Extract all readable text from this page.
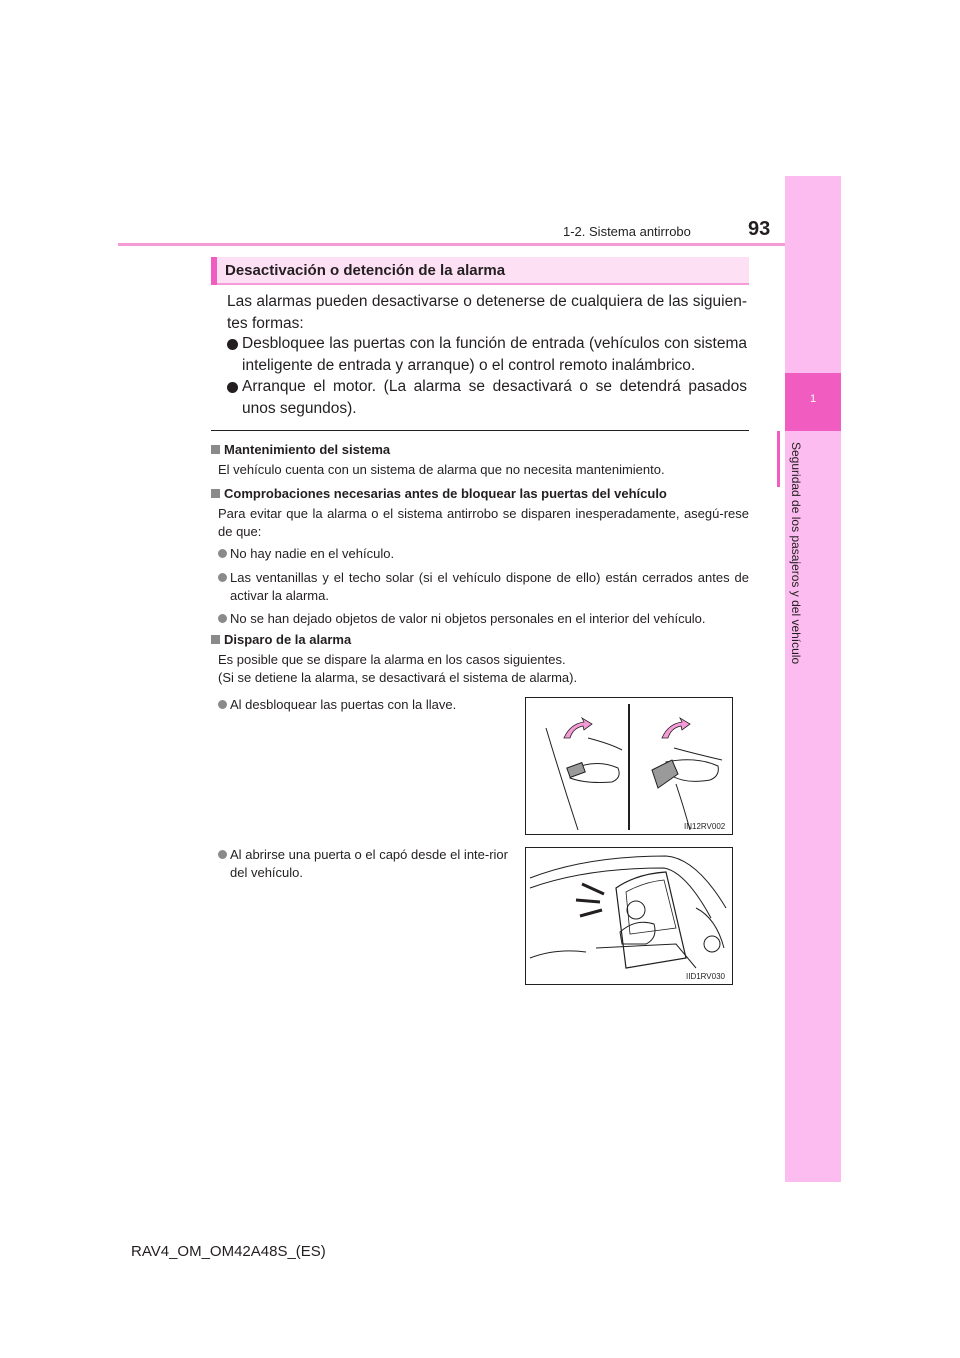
1-2. Sistema antirrobo	93
1
Seguridad de los pasajeros y del vehículo
Desactivación o detención de la alarma
Las alarmas pueden desactivarse o detenerse de cualquiera de las siguien-tes formas:
Desbloquee las puertas con la función de entrada (vehículos con sistema inteligente de entrada y arranque) o el control remoto inalámbrico.
Arranque el motor. (La alarma se desactivará o se detendrá pasados unos segundos).
Mantenimiento del sistema
El vehículo cuenta con un sistema de alarma que no necesita mantenimiento.
Comprobaciones necesarias antes de bloquear las puertas del vehículo
Para evitar que la alarma o el sistema antirrobo se disparen inesperadamente, asegú-rese de que:
No hay nadie en el vehículo.
Las ventanillas y el techo solar (si el vehículo dispone de ello) están cerrados antes de activar la alarma.
No se han dejado objetos de valor ni objetos personales en el interior del vehículo.
Disparo de la alarma
Es posible que se dispare la alarma en los casos siguientes.
(Si se detiene la alarma, se desactivará el sistema de alarma).
Al desbloquear las puertas con la llave.
Al abrirse una puerta o el capó desde el inte-rior del vehículo.
IN12RV002
IID1RV030
RAV4_OM_OM42A48S_(ES)
